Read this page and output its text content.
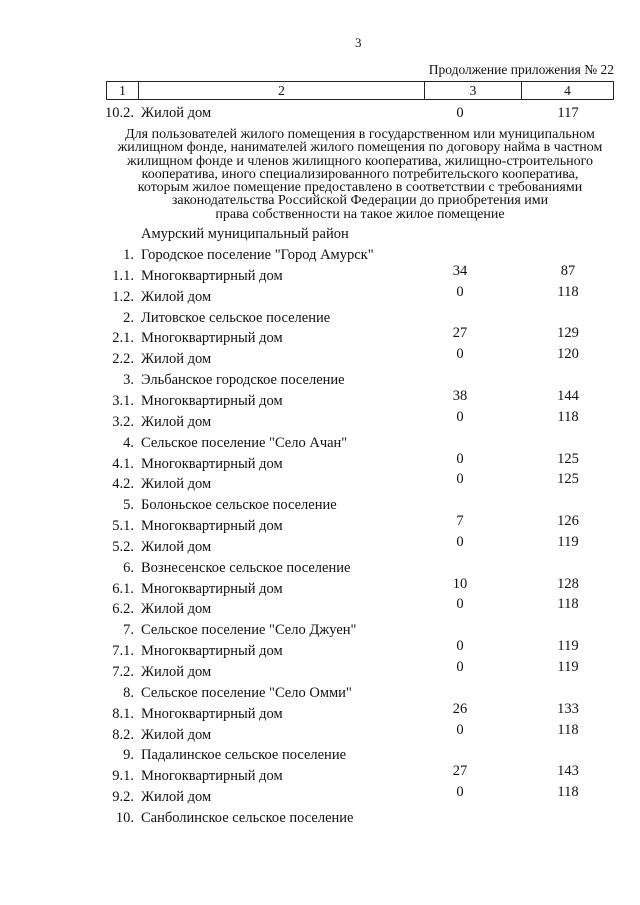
3
Продолжение приложения № 22
1	2	3	4
10.2. Жилой дом	0	117
Для пользователей жилого помещения в государственном или муниципальном
жилищном фонде, нанимателей жилого помещения по договору найма в частном
жилищном фонде и членов жилищного кооператива, жилищно-строительного
кооператива, иного специализированного потребительского кооператива,
которым жилое помещение предоставлено в соответствии с требованиями
законодательства Российской Федерации до приобретения ими
права собственности на такое жилое помещение
Амурский муниципальный район
1. Городское поселение "Город Амурск"
1.1. Многоквартирный дом	34	87
1.2. Жилой дом	0	118
2. Литовское сельское поселение
2.1. Многоквартирный дом	27	129
2.2. Жилой дом	0	120
3. Эльбанское городское поселение
3.1. Многоквартирный дом	38	144
3.2. Жилой дом	0	118
4. Сельское поселение "Село Ачан"
4.1. Многоквартирный дом	0	125
4.2. Жилой дом	0	125
5. Болоньское сельское поселение
5.1. Многоквартирный дом	7	126
5.2. Жилой дом	0	119
6. Вознесенское сельское поселение
6.1. Многоквартирный дом	10	128
6.2. Жилой дом	0	118
7. Сельское поселение "Село Джуен"
7.1. Многоквартирный дом	0	119
7.2. Жилой дом	0	119
8. Сельское поселение "Село Омми"
8.1. Многоквартирный дом	26	133
8.2. Жилой дом	0	118
9. Падалинское сельское поселение
9.1. Многоквартирный дом	27	143
9.2. Жилой дом	0	118
10. Санболинское сельское поселение
